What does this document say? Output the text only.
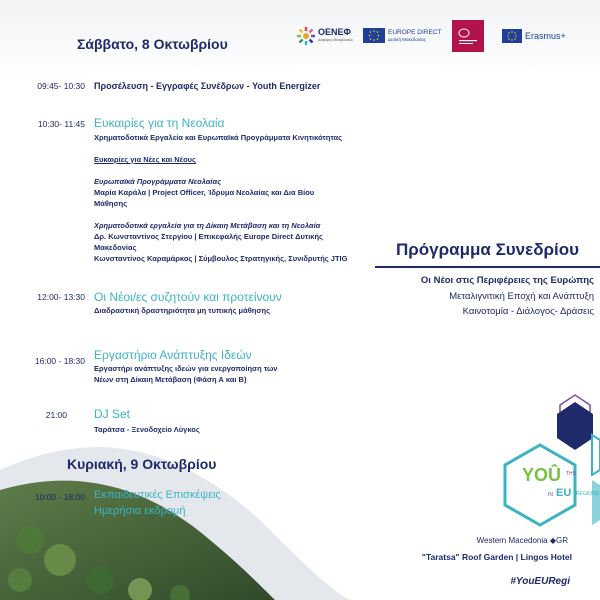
Σάββατο, 8 Οκτωβρίου
OENEΦ
Αειφόρος Μεταβολικός
EUROPE DIRECT
Δυτική Μακεδονίας	Erasmus+
09:45- 10:30 Προσέλευση - Εγγραφές Συνέδρων - Youth Energizer
10:30- 11:45 Ευκαιρίες για τη Νεολαία
Χρηματοδοτικά Εργαλεία και Ευρωπαϊκά Προγράμματα Κινητικότητας
Ευκαιρίες για Νέες και Νέους
Ευρωπαϊκά Προγράμματα Νεολαίας
Μαρία Καράλα | Project Officer, Ίδρυμα Νεολαίας και Δια Βίου
Μάθησης
Χρηματοδοτικά εργαλεία για τη Δίκαιη Μετάβαση και τη Νεολαία
Δρ. Κωνσταντίνος Στεργίου | Επικεφαλής Europe Direct Δυτικής
Μακεδονίας
Κωνσταντίνος Καραμάρκος | Σύμβουλος Στρατηγικής, Συνιδρυτής JTIG
12:00- 13:30 Οι Νέοι/ες συζητούν και προτείνουν
Διαδραστική δραστηριότητα μη τυπικής μάθησης
16:00 - 18:30 Εργαστήριο Ανάπτυξης Ιδεών
Εργαστήρι ανάπτυξης ιδεών για ενεργοποίηση των
Νέων στη Δίκαιη Μετάβαση (Φάση Α και Β)
21:00 DJ Set
Ταράτσα - Ξενοδοχείο Λύγκος
Κυριακή, 9 Οκτωβρίου
10:00 - 18:00 Εκπαιδευτικές Επισκέψεις
Ημερήσια εκδρομή
Πρόγραμμα Συνεδρίου
Οι Νέοι στις Περιφέρειες της Ευρώπης
Μεταλιγνιτική Εποχή και Ανάπτυξη
Καινοτομία - Διάλογος- Δράσεις
YOÛ THS
IN EU REGIONS
Western Macedonia ◆GR
"Taratsa" Roof Garden | Lingos Hotel
#YouEURegi
